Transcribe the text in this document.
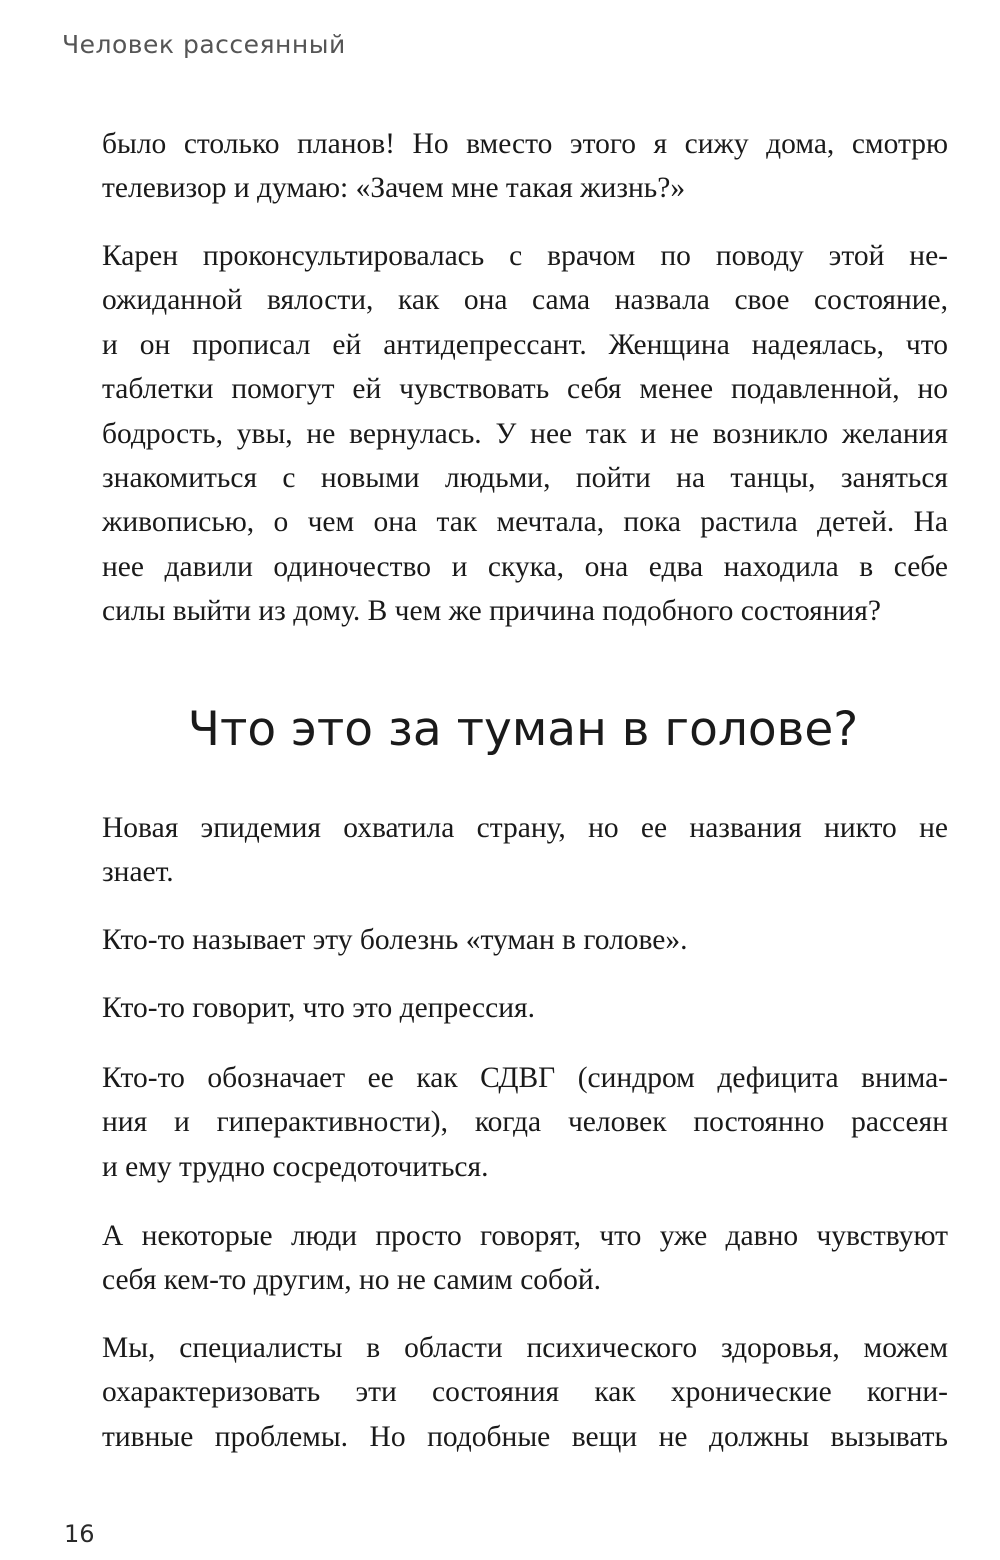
Человек рассеянный

было столько планов! Но вместо этого я сижу дома, смотрю
телевизор и думаю: «Зачем мне такая жизнь?»

Карен проконсультировалась с врачом по поводу этой не-
ожиданной вялости, как она сама назвала свое состояние,
и он прописал ей антидепрессант. Женщина надеялась, что
таблетки помогут ей чувствовать себя менее подавленной, но
бодрость, увы, не вернулась. У нее так и не возникло желания
знакомиться с новыми людьми, пойти на танцы, заняться
живописью, о чем она так мечтала, пока растила детей. На
нее давили одиночество и скука, она едва находила в себе
силы выйти из дому. В чем же причина подобного состояния?

Что это за туман в голове?

Новая эпидемия охватила страну, но ее названия никто не
знает.

Кто-то называет эту болезнь «туман в голове».

Кто-то говорит, что это депрессия.

Кто-то обозначает ее как СДВГ (синдром дефицита внима-
ния и гиперактивности), когда человек постоянно рассеян
и ему трудно сосредоточиться.

А некоторые люди просто говорят, что уже давно чувствуют
себя кем-то другим, но не самим собой.

Мы, специалисты в области психического здоровья, можем
охарактеризовать эти состояния как хронические когни-
тивные проблемы. Но подобные вещи не должны вызывать

16
